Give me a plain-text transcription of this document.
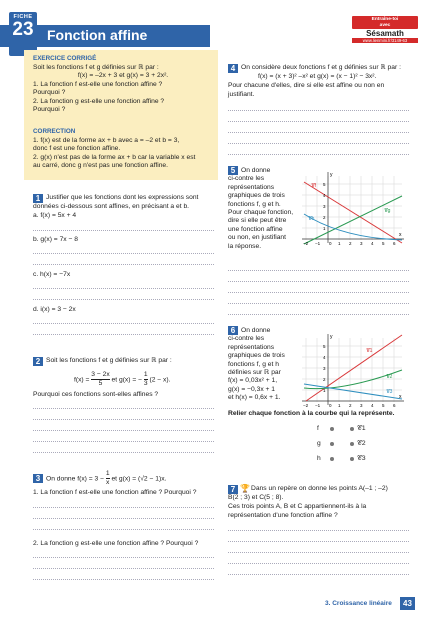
FICHE
23 Fonction affine
Entraîne-toi
avec
Sésamath
www.lienmini.fr/3149-63
EXERCICE CORRIGÉ
Soit les fonctions f et g définies sur ℝ par :
f(x) = –2x + 3 et g(x) = 3 + 2x².
1. La fonction f est-elle une fonction affine ?
Pourquoi ?
2. La fonction g est-elle une fonction affine ?
Pourquoi ?
CORRECTION
1. f(x) est de la forme ax + b avec a = –2 et b = 3,
donc f est une fonction affine.
2. g(x) n'est pas de la forme ax + b car la variable x est
au carré, donc g n'est pas une fonction affine.
1 Justifier que les fonctions dont les expressions sont
données ci-dessous sont affines, en précisant a et b.
a. f(x) = 5x + 4
b. g(x) = 7x − 8
c. h(x) = −7x
d. i(x) = 3 − 2x
2 Soit les fonctions f et g définies sur ℝ par :
$f(x) = \frac{3 - 2x}{5}$ et g(x) = − $\frac{1}{3} (2 - x)$.
Pourquoi ces fonctions sont-elles affines ?
3 On donne $f(x) = 3 - \frac{1}{x}$ et g(x) = (√2 − 1)x.
1. La fonction f est-elle une fonction affine ? Pourquoi ?
2. La fonction g est-elle une fonction affine ? Pourquoi ?
4 On considère deux fonctions f et g définies sur ℝ par :
f(x) = (x + 3)² –x² et g(x) = (x − 1)² − 3x².
Pour chacune d'elles, dire si elle est affine ou non en
justifiant.
5 On donne
ci-contre les
représentations
graphiques de trois
fonctions f, g et h.
Pour chaque fonction,
dire si elle peut être
une fonction affine
ou non, en justifiant
la réponse.
𝒞f
𝒞g
𝒞h
y
x
−2 −1 0 1 2 3 4 5 6
1
2
3
4
5
6 On donne
ci-contre les
représentations
graphiques de trois
fonctions f, g et h
définies sur ℝ par
f(x) = 0,03x² + 1,
g(x) = −0,3x + 1
et h(x) = 0,6x + 1.
𝒞1
𝒞2
𝒞3
y
x
−2 −1 0 1 2 3 4 5 6
1
2
3
4
5
Relier chaque fonction à la courbe qui la représente.
f	𝒞1
g	𝒞2
h	𝒞3
7 🏆 Dans un repère on donne les points A(–1 ; –2)
B(2 ; 3) et C(5 ; 8).
Ces trois points A, B et C appartiennent-ils à la
représentation d'une fonction affine ?
3. Croissance linéaire	43
